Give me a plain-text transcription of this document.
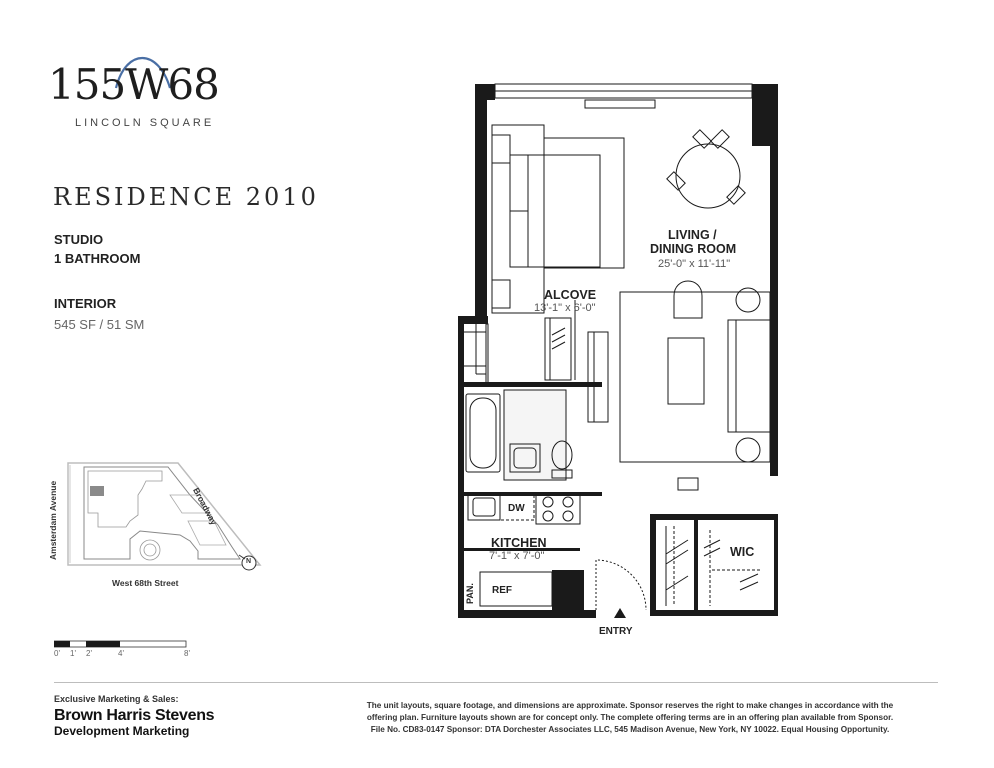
155W68
LINCOLN SQUARE
RESIDENCE 2010
STUDIO
1 BATHROOM
INTERIOR
545 SF / 51 SM
Amsterdam Avenue	Broadway
West 68th Street
N
0' 1' 2'	4'	8'
LIVING /
DINING ROOM
25'-0" x 11'-11"
ALCOVE
13'-1" x 6'-0"
KITCHEN
7'-1" x 7'-0"
DW
REF
PAN.
WIC
ENTRY
Exclusive Marketing & Sales:
Brown Harris Stevens
Development Marketing
The unit layouts, square footage, and dimensions are approximate. Sponsor reserves the right to make changes in accordance with the
offering plan. Furniture layouts shown are for concept only. The complete offering terms are in an offering plan available from Sponsor.
File No. CD83-0147 Sponsor: DTA Dorchester Associates LLC, 545 Madison Avenue, New York, NY 10022. Equal Housing Opportunity.
